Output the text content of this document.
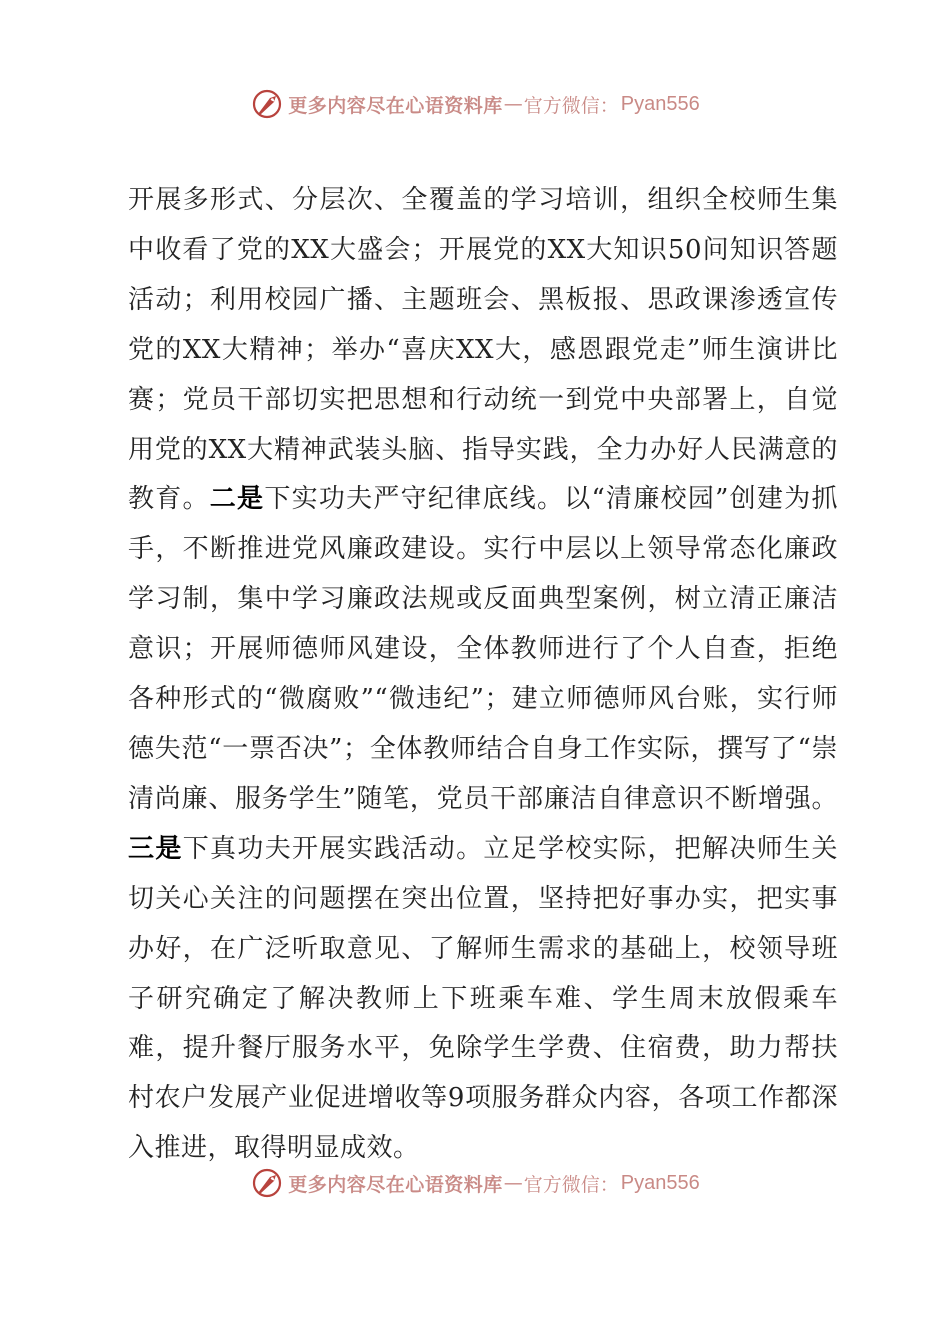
更多内容尽在心语资料库 — 官方微信： Pyan556

开展多形式、分层次、全覆盖的学习培训，组织全校师生集中收看了党的XX大盛会；开展党的XX大知识50问知识答题活动；利用校园广播、主题班会、黑板报、思政课渗透宣传党的XX大精神；举办“喜庆XX大，感恩跟党走”师生演讲比赛；党员干部切实把思想和行动统一到党中央部署上，自觉用党的XX大精神武装头脑、指导实践，全力办好人民满意的教育。二是下实功夫严守纪律底线。以“清廉校园”创建为抓手，不断推进党风廉政建设。实行中层以上领导常态化廉政学习制，集中学习廉政法规或反面典型案例，树立清正廉洁意识；开展师德师风建设，全体教师进行了个人自查，拒绝各种形式的“微腐败”“微违纪”；建立师德师风台账，实行师德失范“一票否决”；全体教师结合自身工作实际，撰写了“崇清尚廉、服务学生”随笔，党员干部廉洁自律意识不断增强。三是下真功夫开展实践活动。立足学校实际，把解决师生关切关心关注的问题摆在突出位置，坚持把好事办实，把实事办好，在广泛听取意见、了解师生需求的基础上，校领导班子研究确定了解决教师上下班乘车难、学生周末放假乘车难，提升餐厅服务水平，免除学生学费、住宿费，助力帮扶村农户发展产业促进增收等9项服务群众内容，各项工作都深入推进，取得明显成效。

更多内容尽在心语资料库 — 官方微信： Pyan556
